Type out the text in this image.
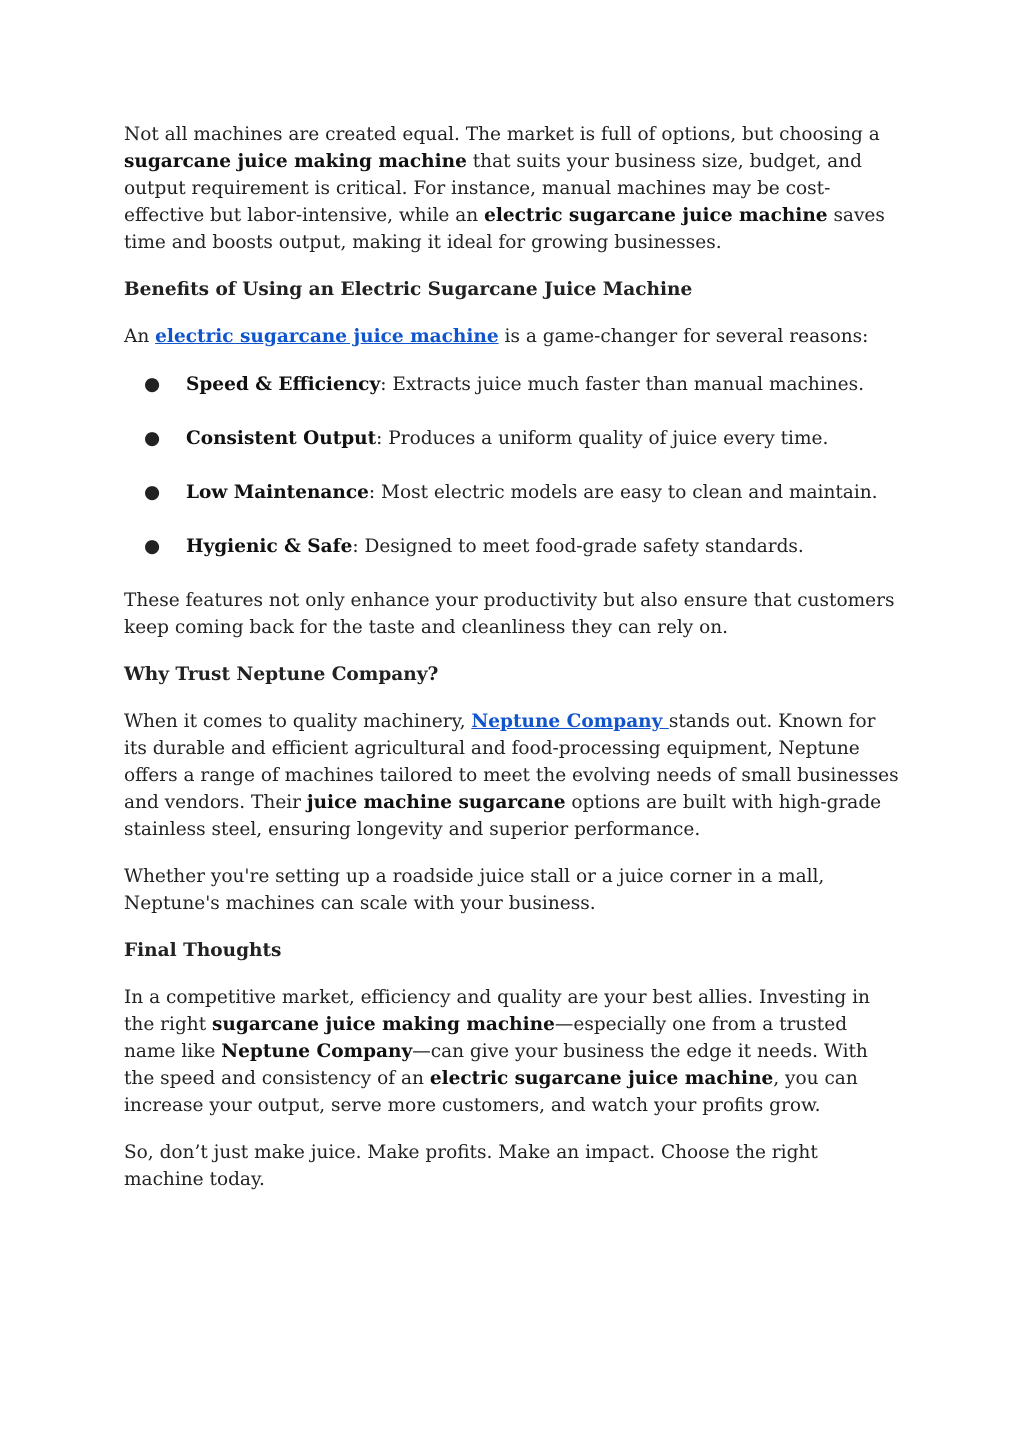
Not all machines are created equal. The market is full of options, but choosing a sugarcane juice making machine that suits your business size, budget, and output requirement is critical. For instance, manual machines may be cost-effective but labor-intensive, while an electric sugarcane juice machine saves time and boosts output, making it ideal for growing businesses.

Benefits of Using an Electric Sugarcane Juice Machine

An electric sugarcane juice machine is a game-changer for several reasons:

● Speed & Efficiency: Extracts juice much faster than manual machines.
● Consistent Output: Produces a uniform quality of juice every time.
● Low Maintenance: Most electric models are easy to clean and maintain.
● Hygienic & Safe: Designed to meet food-grade safety standards.

These features not only enhance your productivity but also ensure that customers keep coming back for the taste and cleanliness they can rely on.

Why Trust Neptune Company?

When it comes to quality machinery, Neptune Company stands out. Known for its durable and efficient agricultural and food-processing equipment, Neptune offers a range of machines tailored to meet the evolving needs of small businesses and vendors. Their juice machine sugarcane options are built with high-grade stainless steel, ensuring longevity and superior performance.

Whether you're setting up a roadside juice stall or a juice corner in a mall, Neptune's machines can scale with your business.

Final Thoughts

In a competitive market, efficiency and quality are your best allies. Investing in the right sugarcane juice making machine—especially one from a trusted name like Neptune Company—can give your business the edge it needs. With the speed and consistency of an electric sugarcane juice machine, you can increase your output, serve more customers, and watch your profits grow.

So, don’t just make juice. Make profits. Make an impact. Choose the right machine today.
